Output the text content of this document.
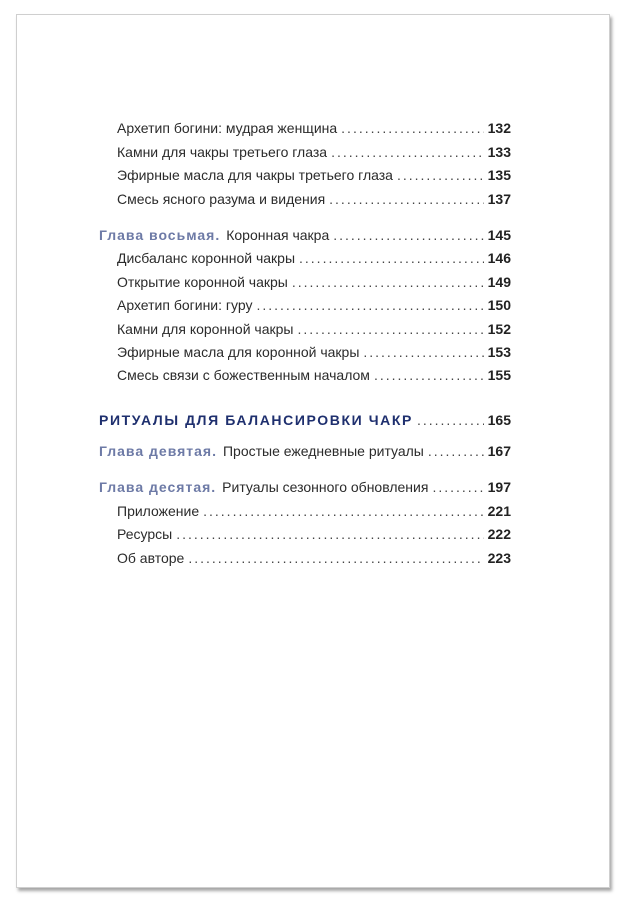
Архетип богини: мудрая женщина .....	132
Камни для чакры третьего глаза .....	133
Эфирные масла для чакры третьего глаза .....	135
Смесь ясного разума и видения .....	137
Глава восьмая. Коронная чакра .....	145
Дисбаланс коронной чакры .....	146
Открытие коронной чакры .....	149
Архетип богини: гуру .....	150
Камни для коронной чакры .....	152
Эфирные масла для коронной чакры .....	153
Смесь связи с божественным началом .....	155
РИТУАЛЫ ДЛЯ БАЛАНСИРОВКИ ЧАКР .....	165
Глава девятая. Простые ежедневные ритуалы .....	167
Глава десятая. Ритуалы сезонного обновления .....	197
Приложение .....	221
Ресурсы .....	222
Об авторе .....	223
